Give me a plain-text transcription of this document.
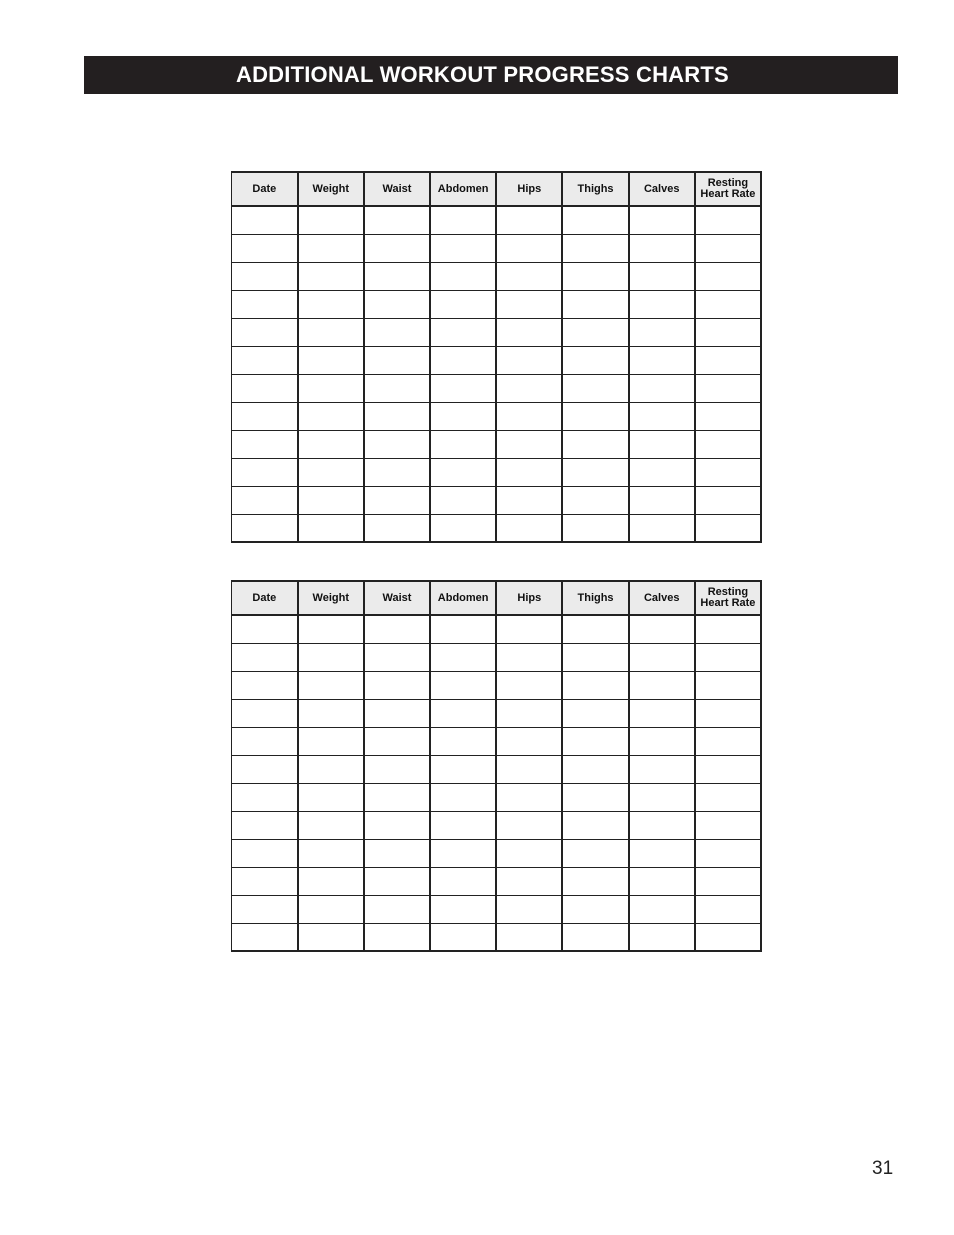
ADDITIONAL WORKOUT PROGRESS CHARTS
Date	Weight	Waist	Abdomen	Hips	Thighs	Calves	Resting
Heart Rate

Date	Weight	Waist	Abdomen	Hips	Thighs	Calves	Resting
Heart Rate

31
